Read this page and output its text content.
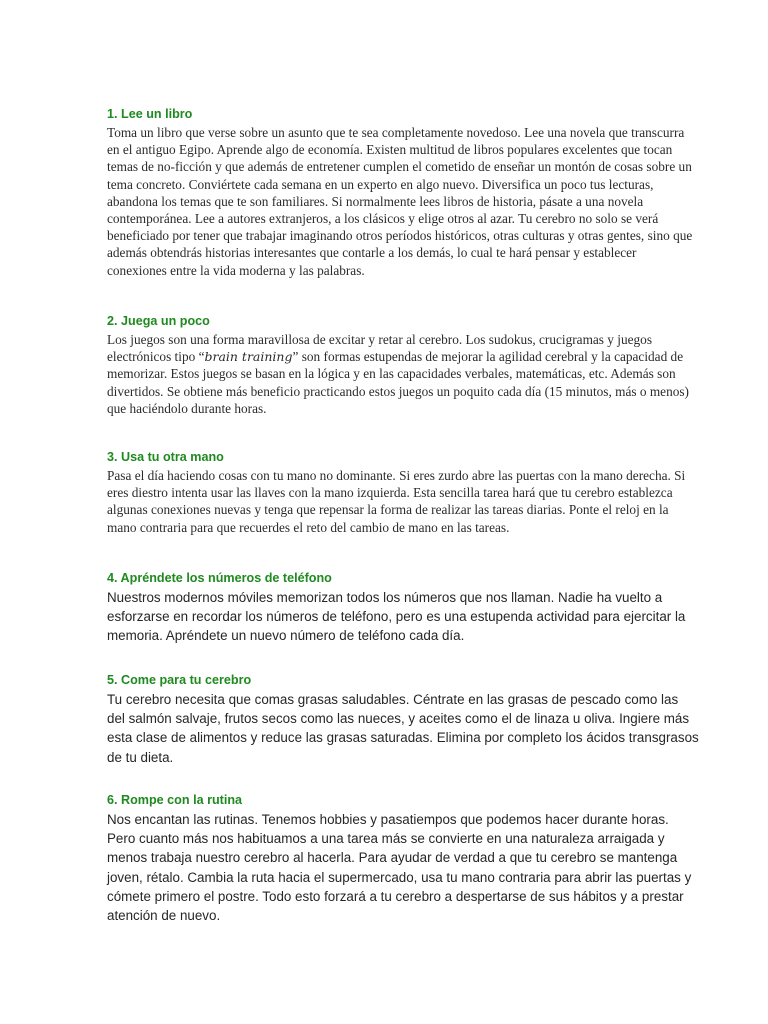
1. Lee un libro

Toma un libro que verse sobre un asunto que te sea completamente novedoso. Lee una novela que transcurra
en el antiguo Egipo. Aprende algo de economía. Existen multitud de libros populares excelentes que tocan
temas de no-ficción y que además de entretener cumplen el cometido de enseñar un montón de cosas sobre un
tema concreto. Conviértete cada semana en un experto en algo nuevo. Diversifica un poco tus lecturas,
abandona los temas que te son familiares. Si normalmente lees libros de historia, pásate a una novela
contemporánea. Lee a autores extranjeros, a los clásicos y elige otros al azar. Tu cerebro no solo se verá
beneficiado por tener que trabajar imaginando otros períodos históricos, otras culturas y otras gentes, sino que
además obtendrás historias interesantes que contarle a los demás, lo cual te hará pensar y establecer
conexiones entre la vida moderna y las palabras.

2. Juega un poco

Los juegos son una forma maravillosa de excitar y retar al cerebro. Los sudokus, crucigramas y juegos
electrónicos tipo “brain training” son formas estupendas de mejorar la agilidad cerebral y la capacidad de
memorizar. Estos juegos se basan en la lógica y en las capacidades verbales, matemáticas, etc. Además son
divertidos. Se obtiene más beneficio practicando estos juegos un poquito cada día (15 minutos, más o menos)
que haciéndolo durante horas.

3. Usa tu otra mano

Pasa el día haciendo cosas con tu mano no dominante. Si eres zurdo abre las puertas con la mano derecha. Si
eres diestro intenta usar las llaves con la mano izquierda. Esta sencilla tarea hará que tu cerebro establezca
algunas conexiones nuevas y tenga que repensar la forma de realizar las tareas diarias. Ponte el reloj en la
mano contraria para que recuerdes el reto del cambio de mano en las tareas.

4. Apréndete los números de teléfono

Nuestros modernos móviles memorizan todos los números que nos llaman. Nadie ha vuelto a
esforzarse en recordar los números de teléfono, pero es una estupenda actividad para ejercitar la
memoria. Apréndete un nuevo número de teléfono cada día.

5. Come para tu cerebro

Tu cerebro necesita que comas grasas saludables. Céntrate en las grasas de pescado como las
del salmón salvaje, frutos secos como las nueces, y aceites como el de linaza u oliva. Ingiere más
esta clase de alimentos y reduce las grasas saturadas. Elimina por completo los ácidos transgrasos
de tu dieta.

6. Rompe con la rutina

Nos encantan las rutinas. Tenemos hobbies y pasatiempos que podemos hacer durante horas.
Pero cuanto más nos habituamos a una tarea más se convierte en una naturaleza arraigada y
menos trabaja nuestro cerebro al hacerla. Para ayudar de verdad a que tu cerebro se mantenga
joven, rétalo. Cambia la ruta hacia el supermercado, usa tu mano contraria para abrir las puertas y
cómete primero el postre. Todo esto forzará a tu cerebro a despertarse de sus hábitos y a prestar
atención de nuevo.
